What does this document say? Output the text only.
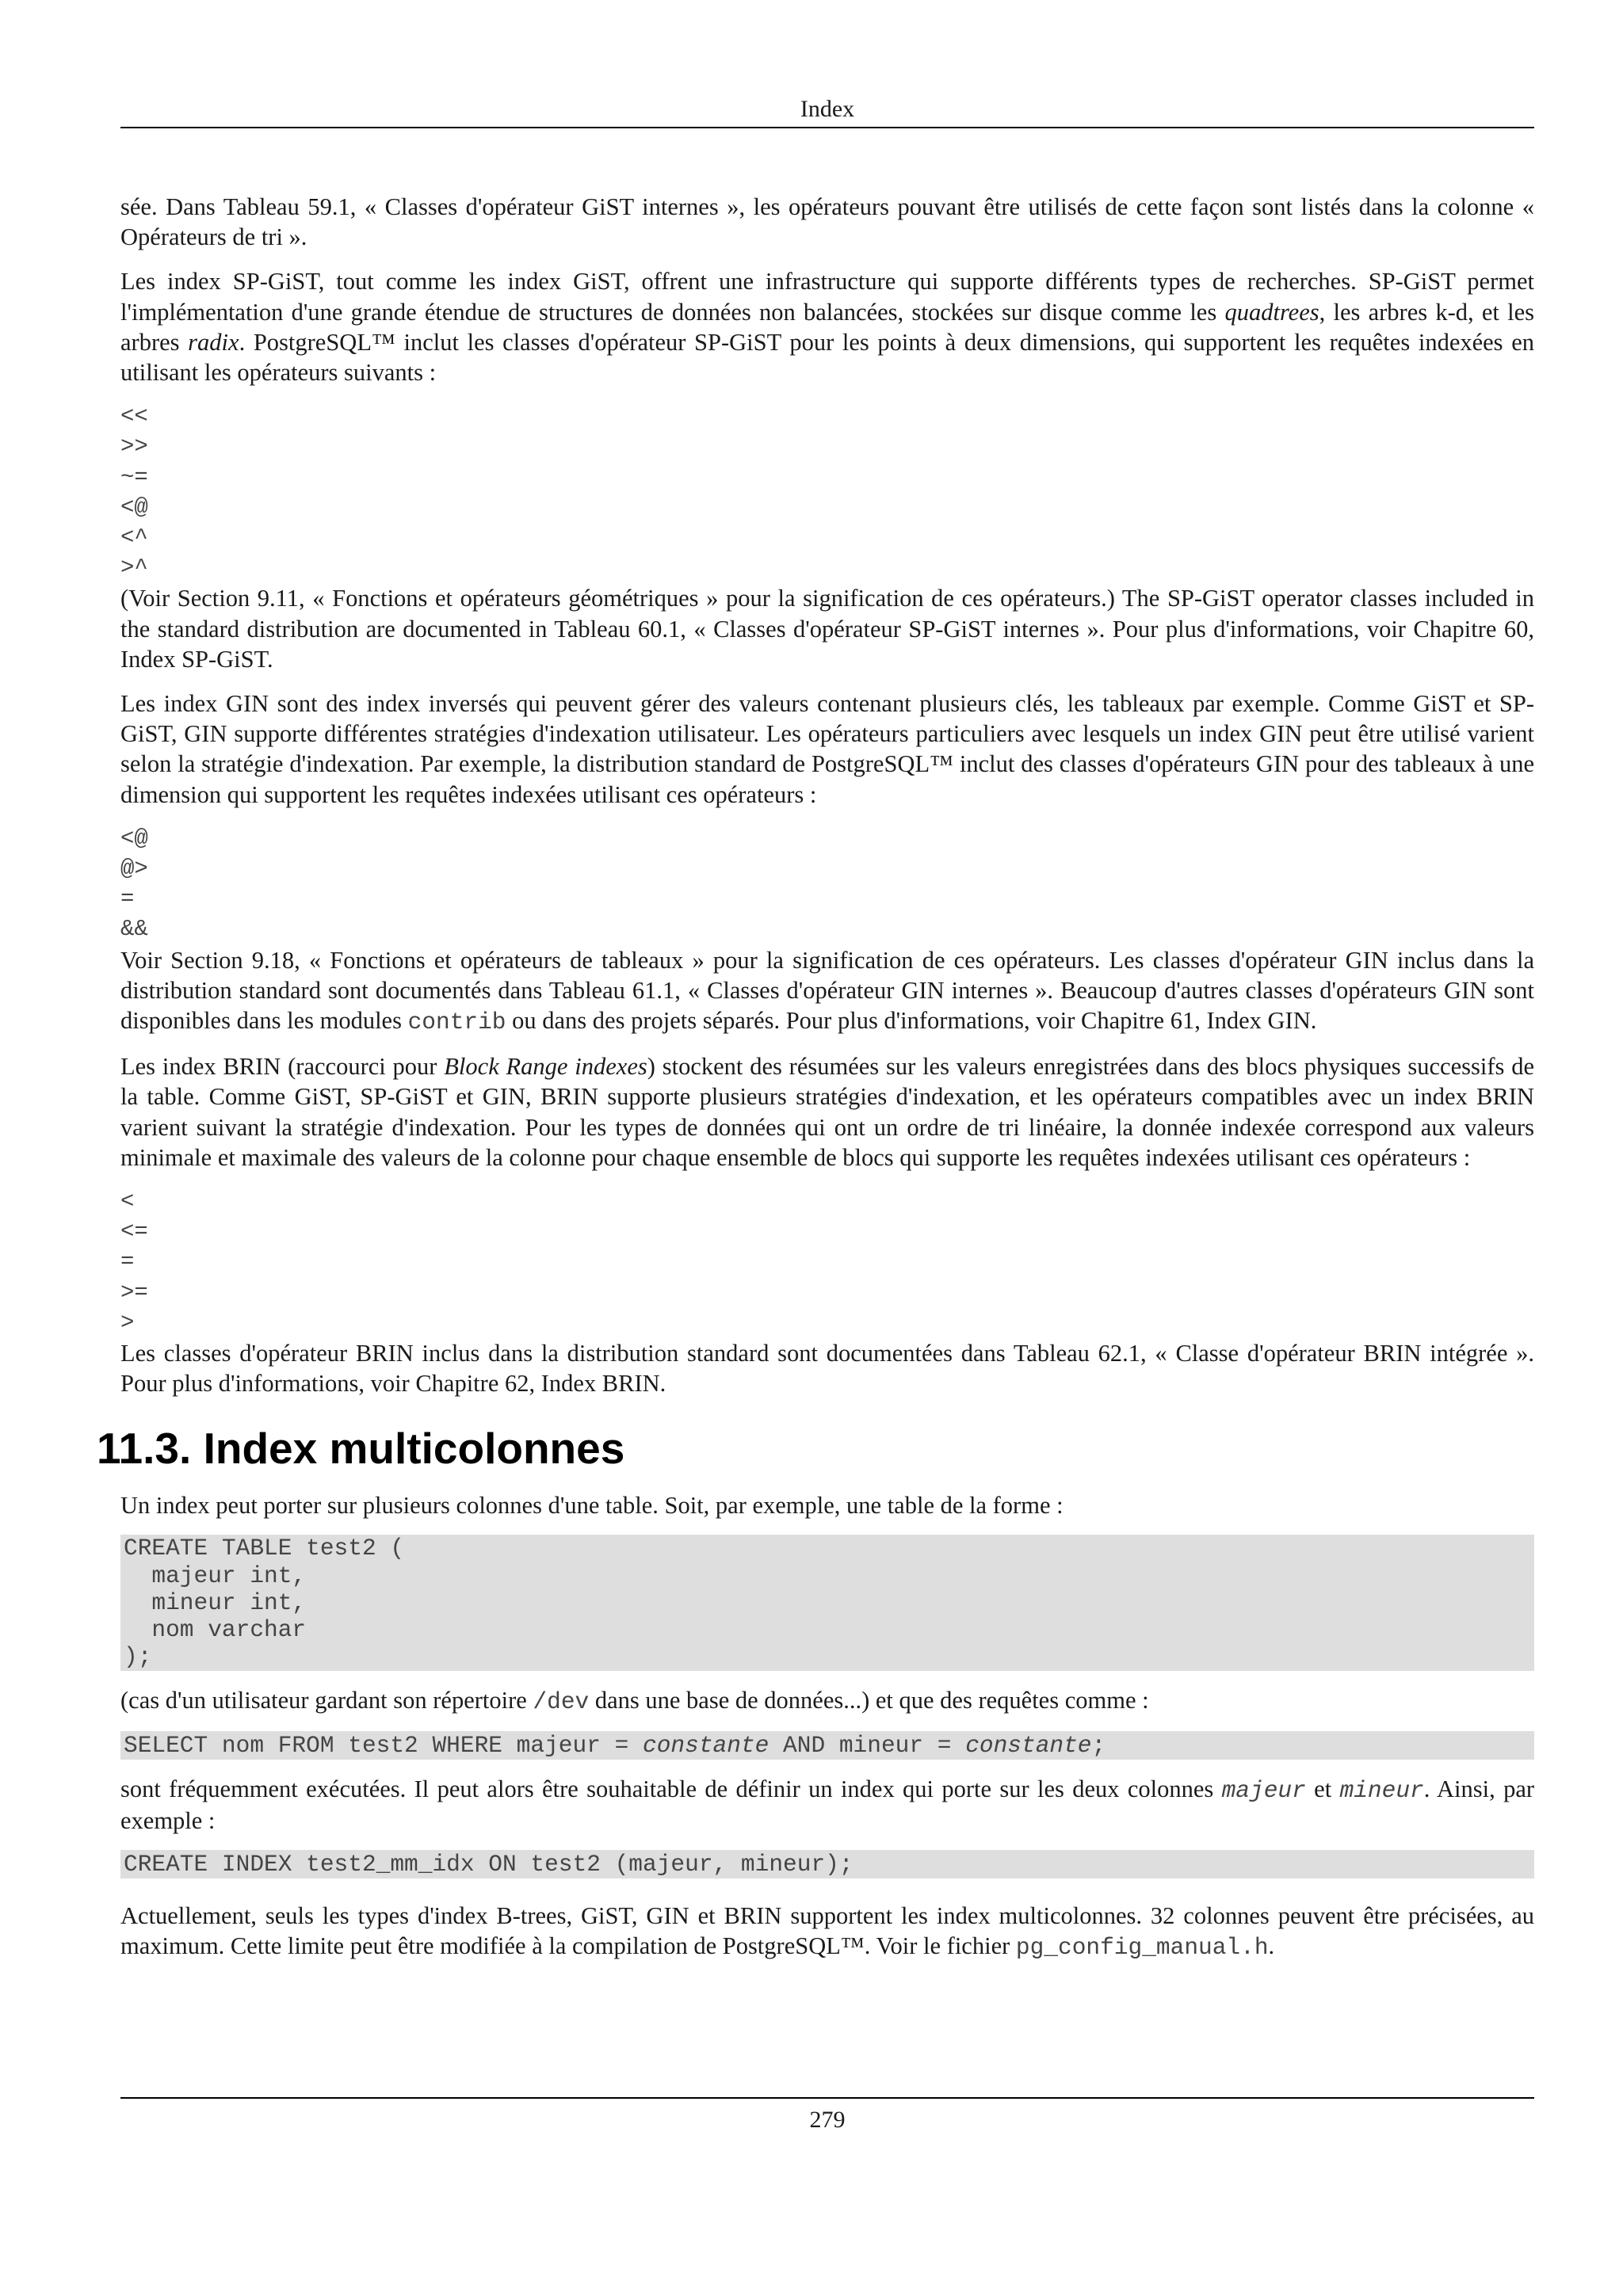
Index

sée. Dans Tableau 59.1, « Classes d'opérateur GiST internes », les opérateurs pouvant être utilisés de cette façon sont listés dans la colonne « Opérateurs de tri ».

Les index SP-GiST, tout comme les index GiST, offrent une infrastructure qui supporte différents types de recherches. SP-GiST permet l'implémentation d'une grande étendue de structures de données non balancées, stockées sur disque comme les quadtrees, les arbres k-d, et les arbres radix. PostgreSQL™ inclut les classes d'opérateur SP-GiST pour les points à deux dimensions, qui supportent les requêtes indexées en utilisant les opérateurs suivants :

<<
>>
~=
<@
<^
>^

(Voir Section 9.11, « Fonctions et opérateurs géométriques » pour la signification de ces opérateurs.) The SP-GiST operator classes included in the standard distribution are documented in Tableau 60.1, « Classes d'opérateur SP-GiST internes ». Pour plus d'informations, voir Chapitre 60, Index SP-GiST.

Les index GIN sont des index inversés qui peuvent gérer des valeurs contenant plusieurs clés, les tableaux par exemple. Comme GiST et SP-GiST, GIN supporte différentes stratégies d'indexation utilisateur. Les opérateurs particuliers avec lesquels un index GIN peut être utilisé varient selon la stratégie d'indexation. Par exemple, la distribution standard de PostgreSQL™ inclut des classes d'opérateurs GIN pour des tableaux à une dimension qui supportent les requêtes indexées utilisant ces opérateurs :

<@
@>
=
&&

Voir Section 9.18, « Fonctions et opérateurs de tableaux » pour la signification de ces opérateurs. Les classes d'opérateur GIN inclus dans la distribution standard sont documentés dans Tableau 61.1, « Classes d'opérateur GIN internes ». Beaucoup d'autres classes d'opérateurs GIN sont disponibles dans les modules contrib ou dans des projets séparés. Pour plus d'informations, voir Chapitre 61, Index GIN.

Les index BRIN (raccourci pour Block Range indexes) stockent des résumées sur les valeurs enregistrées dans des blocs physiques successifs de la table. Comme GiST, SP-GiST et GIN, BRIN supporte plusieurs stratégies d'indexation, et les opérateurs compatibles avec un index BRIN varient suivant la stratégie d'indexation. Pour les types de données qui ont un ordre de tri linéaire, la donnée indexée correspond aux valeurs minimale et maximale des valeurs de la colonne pour chaque ensemble de blocs qui supporte les requêtes indexées utilisant ces opérateurs :

<
<=
=
>=
>

Les classes d'opérateur BRIN inclus dans la distribution standard sont documentées dans Tableau 62.1, « Classe d'opérateur BRIN intégrée ». Pour plus d'informations, voir Chapitre 62, Index BRIN.

11.3. Index multicolonnes

Un index peut porter sur plusieurs colonnes d'une table. Soit, par exemple, une table de la forme :

CREATE TABLE test2 (
majeur int,
mineur int,
nom varchar
);

(cas d'un utilisateur gardant son répertoire /dev dans une base de données...) et que des requêtes comme :

SELECT nom FROM test2 WHERE majeur = constante AND mineur = constante;

sont fréquemment exécutées. Il peut alors être souhaitable de définir un index qui porte sur les deux colonnes majeur et mineur. Ainsi, par exemple :

CREATE INDEX test2_mm_idx ON test2 (majeur, mineur);

Actuellement, seuls les types d'index B-trees, GiST, GIN et BRIN supportent les index multicolonnes. 32 colonnes peuvent être précisées, au maximum. Cette limite peut être modifiée à la compilation de PostgreSQL™. Voir le fichier pg_config_manual.h.

279
